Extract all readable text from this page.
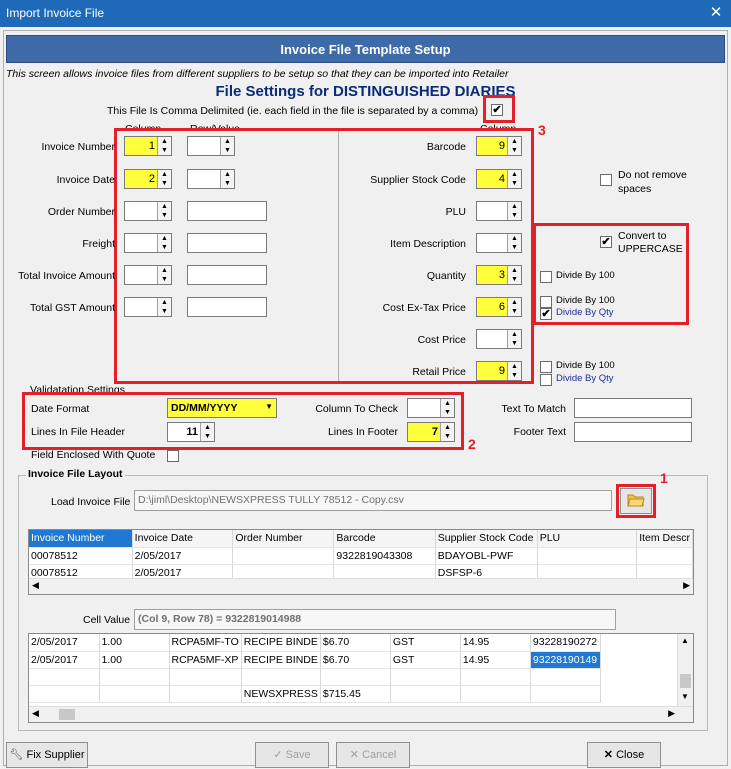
Import Invoice File	✕
Invoice File Template Setup
This screen allows invoice files from different suppliers to be setup so that they can be imported into Retailer
File Settings for DISTINGUISHED DIARIES
This File Is Comma Delimited (ie. each field in the file is separated by a comma) ✔
3
Invoice Number	1 ▲
▼
▲
▼
Invoice Date	2 ▲
▼
▲
▼
Order Number	▲
▼
Freight	▲
▼
Total Invoice Amount	▲
▼
Total GST Amount	▲
▼
Barcode	9 ▲
▼
Supplier Stock Code	4 ▲
▼
PLU	▲
▼
Item Description	▲
▼
Quantity	3 ▲
▼
Cost Ex-Tax Price	6 ▲
▼
Cost Price	▲
▼
Retail Price	9 ▲
▼
Do not remove spaces
✔ Convert to UPPERCASE
Divide By 100
Divide By 100
✔ Divide By Qty
Divide By 100
Divide By Qty
Validatation Settings
2
Date Format	DD/MM/YYYY	▼
Lines In File Header	11 ▲
▼
Column To Check	▲
▼
Lines In Footer	7 ▲
▼
Text To Match
Footer Text
Field Enclosed With Quote
Invoice File Layout
Load Invoice File D:\jiml\Desktop\NEWSXPRESS TULLY 78512 - Copy.csv
1
Invoice Number	Invoice Date	Order Number	Barcode	Supplier Stock Code	PLU	Item Descr
00078512	2/05/2017		9322819043308	BDAYOBL-PWF		
00078512	2/05/2017			DSFSP-6		
◀	▶
Cell Value (Col 9, Row 78) = 9322819014988
2/05/2017	1.00	RCPA5MF-TO	RECIPE BINDE	$6.70	GST	14.95	93228190272
2/05/2017	1.00	RCPA5MF-XP	RECIPE BINDE	$6.70	GST	14.95	93228190149

			NEWSXPRESS	$715.45			
▲
▼
◀	▶
🔧︎ Fix Supplier	✓ Save	✕ Cancel	✕ Close
